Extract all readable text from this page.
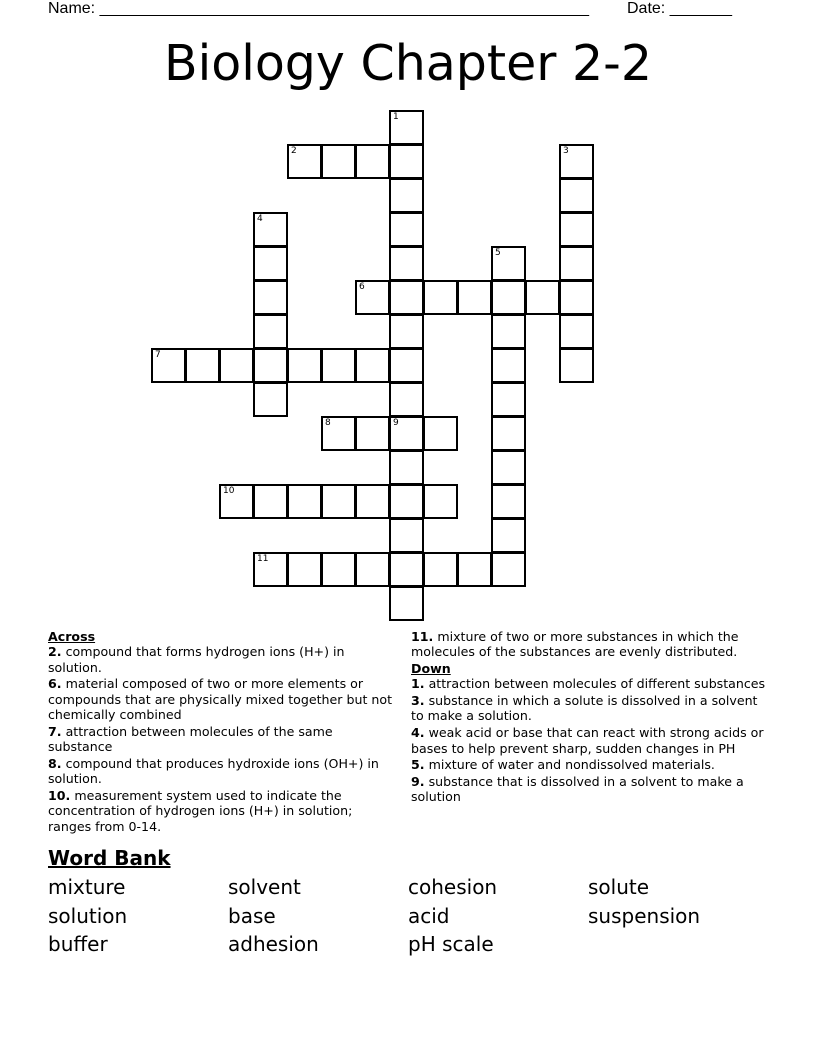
Name: _______________________________________________________ Date: _______
Biology Chapter 2-2
2
6
7
8	9
10
11
1
3
4
5

Across

2. compound that forms hydrogen ions (H+) in solution.

6. material composed of two or more elements or compounds that are physically mixed together but not chemically combined

7. attraction between molecules of the same substance

8. compound that produces hydroxide ions (OH+) in solution.

10. measurement system used to indicate the concentration of hydrogen ions (H+) in solution; ranges from 0-14.

11. mixture of two or more substances in which the molecules of the substances are evenly distributed.

Down

1. attraction between molecules of different substances

3. substance in which a solute is dissolved in a solvent to make a solution.

4. weak acid or base that can react with strong acids or bases to help prevent sharp, sudden changes in PH

5. mixture of water and nondissolved materials.

9. substance that is dissolved in a solvent to make a solution

Word Bank
mixture	solvent	cohesion	solute
solution	base	acid	suspension
buffer	adhesion	pH scale
